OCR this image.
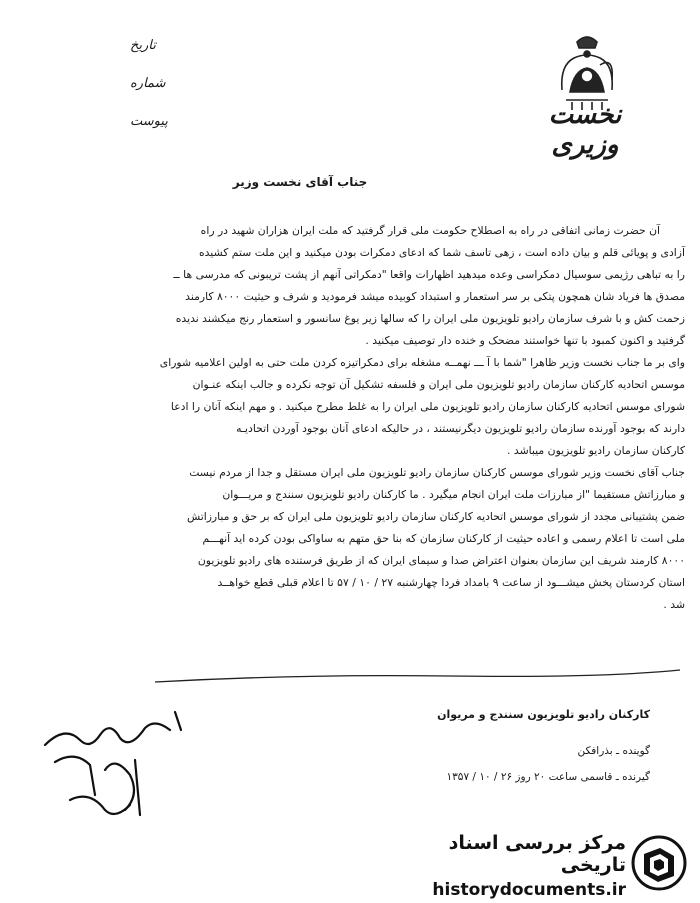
نخست وزیری
تاریخ
شماره
پیوست
جناب آقای نخست وزیر

آن حضرت زمانی اتفاقی در راه به اصطلاح حکومت ملی قرار گرفتید که ملت ایران هزاران شهید در راه

آزادی و پویائی قلم و بیان داده است ، زهی تاسف شما که ادعای دمکرات بودن میکنید و این ملت ستم کشیده

را به تباهی رژیمی سوسیال دمکراسی وعده میدهید اظهارات واقعا "دمکراتی آنهم از پشت تریبونی که مدرسی ها ــ

مصدق ها فریاد شان همچون پتکی بر سر استعمار و استبداد کوبیده میشد فرمودید و شرف و حیثیت ۸۰۰۰ کارمند

زحمت کش و با شرف سازمان رادیو تلویزیون ملی ایران را که سالها زیر یوغ سانسور و استعمار رنج میکشند ندیده

گرفتید و اکنون کمبود با تنها خواستند مضحک و خنده دار توصیف میکنید .

وای بر ما جناب نخست وزیر ظاهرا "شما با آ ـــ نهمــه مشغله برای دمکراتیزه کردن ملت حتی به اولین اعلامیه شورای

موسس اتحادیه کارکنان سازمان رادیو تلویزیون ملی ایران و فلسفه تشکیل آن توجه نکرده و جالب اینکه عنـوان

شورای موسس اتحادیه کارکنان سازمان رادیو تلویزیون ملی ایران را به غلط مطرح میکنید . و مهم اینکه آنان را ادعا

دارند که بوجود آورنده سازمان رادیو تلویزیون دیگرنیستند ، در حالیکه ادعای آنان بوجود آوردن اتحادیـه

کارکنان سازمان رادیو تلویزیون میباشد .

جناب آقای نخست وزیر شورای موسس کارکنان سازمان رادیو تلویزیون ملی ایران مستقل و جدا از مردم نیست

و مبارزاتش مستقیما "از مبارزات ملت ایران انجام میگیرد . ما کارکنان رادیو تلویزیون سنندج و مریـــوان

ضمن پشتیبانی مجدد از شورای موسس اتحادیه کارکنان سازمان رادیو تلویزیون ملی ایران که بر حق و مبارزاتش

ملی است تا اعلام رسمی و اعاده حیثیت از کارکنان سازمان که بنا حق متهم به ساواکی بودن کرده اید آنهـــم

۸۰۰۰ کارمند شریف این سازمان بعنوان اعتراض صدا و سیمای ایران که از طریق فرستنده های رادیو تلویزیون

استان کردستان پخش میشـــود از ساعت ۹ بامداد فردا چهارشنبه ۲۷ / ۱۰ / ۵۷ تا اعلام قبلی قطع خواهــد

شد .

کارکنان رادیو تلویزیون سنندج و مریوان
گوینده ـ بذرافکن
گیرنده ـ قاسمی ساعت ۲۰ روز ۲۶ / ۱۰ / ۱۳۵۷
مرکز بررسی اسناد تاریخی
historydocuments.ir
